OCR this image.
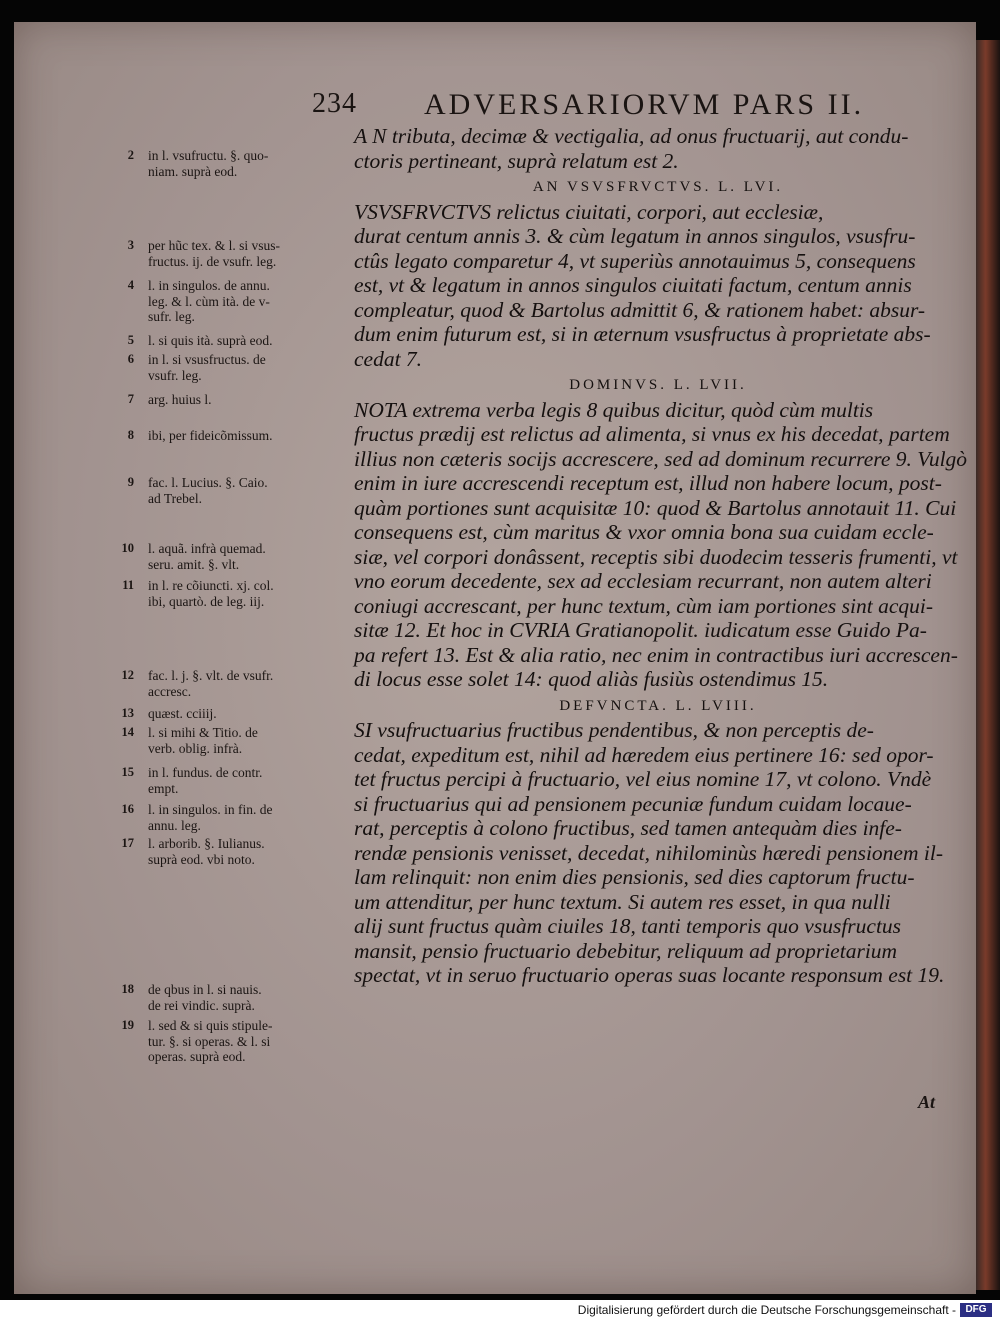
234 ADVERSARIORVM PARS II.
A N tributa, decimæ & vectigalia, ad onus fructuarij, aut condu-
ctoris pertineant, suprà relatum est 2.
AN VSVSFRVCTVS. L. LVI.
VSVSFRVCTVS relictus ciuitati, corpori, aut ecclesiæ,
durat centum annis 3. & cùm legatum in annos singulos, vsusfru-
ctûs legato comparetur 4, vt superiùs annotauimus 5, consequens
est, vt & legatum in annos singulos ciuitati factum, centum annis
compleatur, quod & Bartolus admittit 6, & rationem habet: absur-
dum enim futurum est, si in æternum vsusfructus à proprietate abs-
cedat 7.
DOMINVS. L. LVII.
NOTA extrema verba legis 8 quibus dicitur, quòd cùm multis
fructus prædij est relictus ad alimenta, si vnus ex his decedat, partem
illius non cæteris socijs accrescere, sed ad dominum recurrere 9. Vulgò
enim in iure accrescendi receptum est, illud non habere locum, post-
quàm portiones sunt acquisitæ 10: quod & Bartolus annotauit 11. Cui
consequens est, cùm maritus & vxor omnia bona sua cuidam eccle-
siæ, vel corpori donâssent, receptis sibi duodecim tesseris frumenti, vt
vno eorum decedente, sex ad ecclesiam recurrant, non autem alteri
coniugi accrescant, per hunc textum, cùm iam portiones sint acqui-
sitæ 12. Et hoc in CVRIA Gratianopolit. iudicatum esse Guido Pa-
pa refert 13. Est & alia ratio, nec enim in contractibus iuri accrescen-
di locus esse solet 14: quod aliàs fusiùs ostendimus 15.
DEFVNCTA. L. LVIII.
SI vsufructuarius fructibus pendentibus, & non perceptis de-
cedat, expeditum est, nihil ad hæredem eius pertinere 16: sed opor-
tet fructus percipi à fructuario, vel eius nomine 17, vt colono. Vndè
si fructuarius qui ad pensionem pecuniæ fundum cuidam locaue-
rat, perceptis à colono fructibus, sed tamen antequàm dies infe-
rendæ pensionis venisset, decedat, nihilominùs hæredi pensionem il-
lam relinquit: non enim dies pensionis, sed dies captorum fructu-
um attenditur, per hunc textum. Si autem res esset, in qua nulli
alij sunt fructus quàm ciuiles 18, tanti temporis quo vsusfructus
mansit, pensio fructuario debebitur, reliquum ad proprietarium
spectat, vt in seruo fructuario operas suas locante responsum est 19.
2 in l. vsufructu. §. quo-
niam. suprà eod.
3 per hũc tex. & l. si vsus-
fructus. ij. de vsufr. leg.
4 l. in singulos. de annu.
leg. & l. cùm ità. de v-
sufr. leg.
5 l. si quis ità. suprà eod.
6 in l. si vsusfructus. de
vsufr. leg.
7 arg. huius l.
8 ibi, per fideicõmissum.
9 fac. l. Lucius. §. Caio.
ad Trebel.
10 l. aquã. infrà quemad.
seru. amit. §. vlt.
11 in l. re cõiuncti. xj. col.
ibi, quartò. de leg. iij.
12 fac. l. j. §. vlt. de vsufr.
accresc.
13 quæst. cciiij.
14 l. si mihi & Titio. de
verb. oblig. infrà.
15 in l. fundus. de contr.
empt.
16 l. in singulos. in fin. de
annu. leg.
17 l. arborib. §. Iulianus.
suprà eod. vbi noto.
18 de qbus in l. si nauis.
de rei vindic. suprà.
19 l. sed & si quis stipule-
tur. §. si operas. & l. si
operas. suprà eod.
At
Digitalisierung gefördert durch die Deutsche Forschungsgemeinschaft - DFG
